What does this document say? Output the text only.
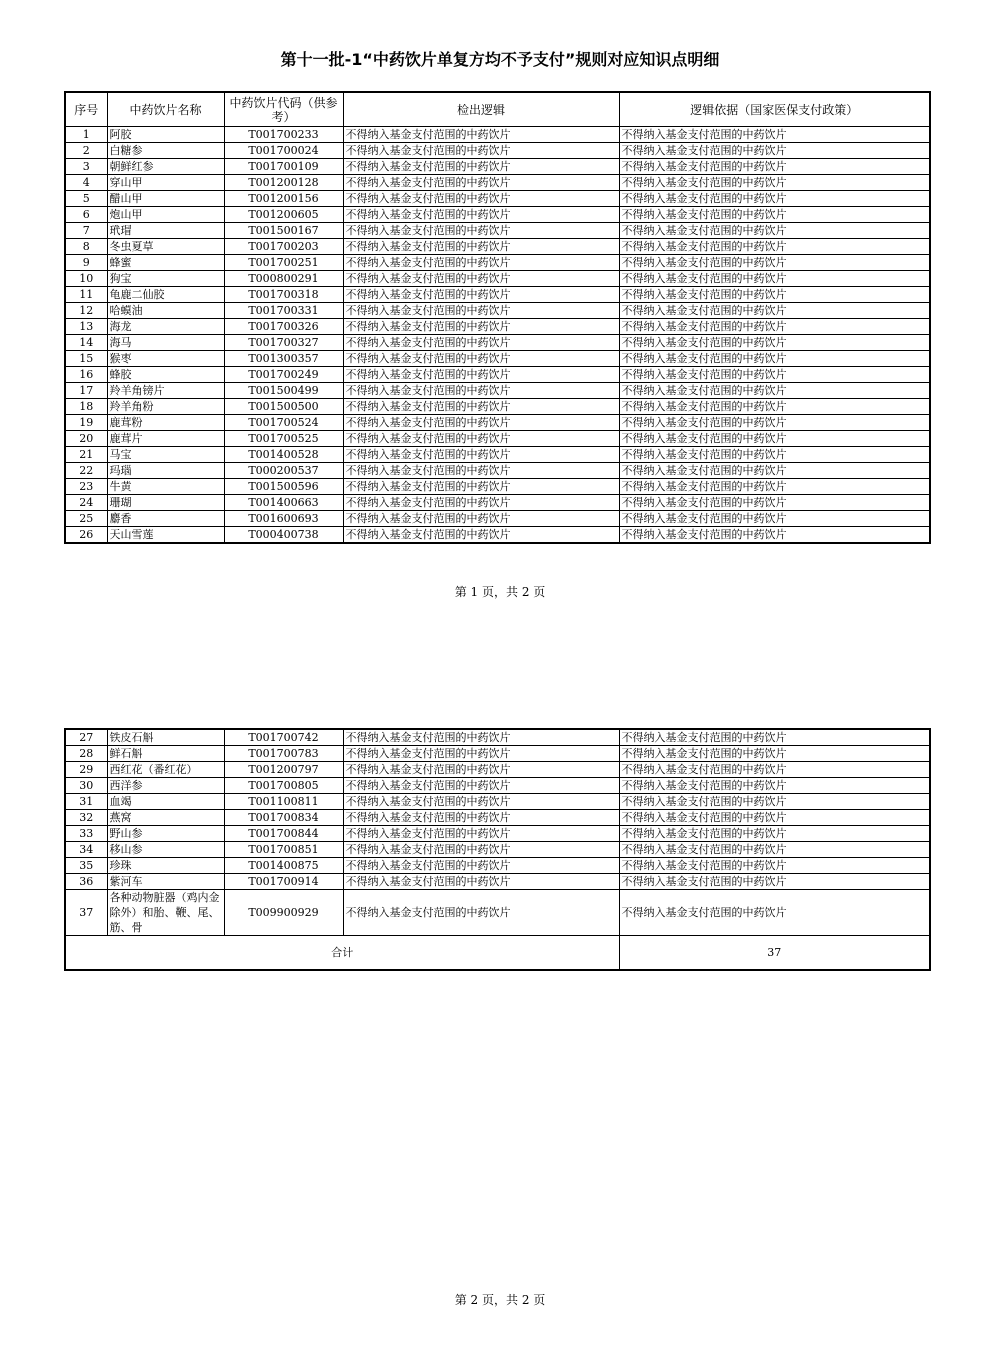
第十一批-1“中药饮片单复方均不予支付”规则对应知识点明细
序号	中药饮片名称	中药饮片代码（供参考）	检出逻辑	逻辑依据（国家医保支付政策）
1	阿胶	T001700233	不得纳入基金支付范围的中药饮片	不得纳入基金支付范围的中药饮片
2	白糖参	T001700024	不得纳入基金支付范围的中药饮片	不得纳入基金支付范围的中药饮片
3	朝鲜红参	T001700109	不得纳入基金支付范围的中药饮片	不得纳入基金支付范围的中药饮片
4	穿山甲	T001200128	不得纳入基金支付范围的中药饮片	不得纳入基金支付范围的中药饮片
5	醋山甲	T001200156	不得纳入基金支付范围的中药饮片	不得纳入基金支付范围的中药饮片
6	炮山甲	T001200605	不得纳入基金支付范围的中药饮片	不得纳入基金支付范围的中药饮片
7	玳瑁	T001500167	不得纳入基金支付范围的中药饮片	不得纳入基金支付范围的中药饮片
8	冬虫夏草	T001700203	不得纳入基金支付范围的中药饮片	不得纳入基金支付范围的中药饮片
9	蜂蜜	T001700251	不得纳入基金支付范围的中药饮片	不得纳入基金支付范围的中药饮片
10	狗宝	T000800291	不得纳入基金支付范围的中药饮片	不得纳入基金支付范围的中药饮片
11	龟鹿二仙胶	T001700318	不得纳入基金支付范围的中药饮片	不得纳入基金支付范围的中药饮片
12	哈蟆油	T001700331	不得纳入基金支付范围的中药饮片	不得纳入基金支付范围的中药饮片
13	海龙	T001700326	不得纳入基金支付范围的中药饮片	不得纳入基金支付范围的中药饮片
14	海马	T001700327	不得纳入基金支付范围的中药饮片	不得纳入基金支付范围的中药饮片
15	猴枣	T001300357	不得纳入基金支付范围的中药饮片	不得纳入基金支付范围的中药饮片
16	蜂胶	T001700249	不得纳入基金支付范围的中药饮片	不得纳入基金支付范围的中药饮片
17	羚羊角镑片	T001500499	不得纳入基金支付范围的中药饮片	不得纳入基金支付范围的中药饮片
18	羚羊角粉	T001500500	不得纳入基金支付范围的中药饮片	不得纳入基金支付范围的中药饮片
19	鹿茸粉	T001700524	不得纳入基金支付范围的中药饮片	不得纳入基金支付范围的中药饮片
20	鹿茸片	T001700525	不得纳入基金支付范围的中药饮片	不得纳入基金支付范围的中药饮片
21	马宝	T001400528	不得纳入基金支付范围的中药饮片	不得纳入基金支付范围的中药饮片
22	玛瑙	T000200537	不得纳入基金支付范围的中药饮片	不得纳入基金支付范围的中药饮片
23	牛黄	T001500596	不得纳入基金支付范围的中药饮片	不得纳入基金支付范围的中药饮片
24	珊瑚	T001400663	不得纳入基金支付范围的中药饮片	不得纳入基金支付范围的中药饮片
25	麝香	T001600693	不得纳入基金支付范围的中药饮片	不得纳入基金支付范围的中药饮片
26	天山雪莲	T000400738	不得纳入基金支付范围的中药饮片	不得纳入基金支付范围的中药饮片
第 1 页，共 2 页
27	铁皮石斛	T001700742	不得纳入基金支付范围的中药饮片	不得纳入基金支付范围的中药饮片
28	鲜石斛	T001700783	不得纳入基金支付范围的中药饮片	不得纳入基金支付范围的中药饮片
29	西红花（番红花）	T001200797	不得纳入基金支付范围的中药饮片	不得纳入基金支付范围的中药饮片
30	西洋参	T001700805	不得纳入基金支付范围的中药饮片	不得纳入基金支付范围的中药饮片
31	血竭	T001100811	不得纳入基金支付范围的中药饮片	不得纳入基金支付范围的中药饮片
32	燕窝	T001700834	不得纳入基金支付范围的中药饮片	不得纳入基金支付范围的中药饮片
33	野山参	T001700844	不得纳入基金支付范围的中药饮片	不得纳入基金支付范围的中药饮片
34	移山参	T001700851	不得纳入基金支付范围的中药饮片	不得纳入基金支付范围的中药饮片
35	珍珠	T001400875	不得纳入基金支付范围的中药饮片	不得纳入基金支付范围的中药饮片
36	紫河车	T001700914	不得纳入基金支付范围的中药饮片	不得纳入基金支付范围的中药饮片
37	各种动物脏器（鸡内金除外）和胎、鞭、尾、筋、骨	T009900929	不得纳入基金支付范围的中药饮片	不得纳入基金支付范围的中药饮片
合计				37
第 2 页，共 2 页
